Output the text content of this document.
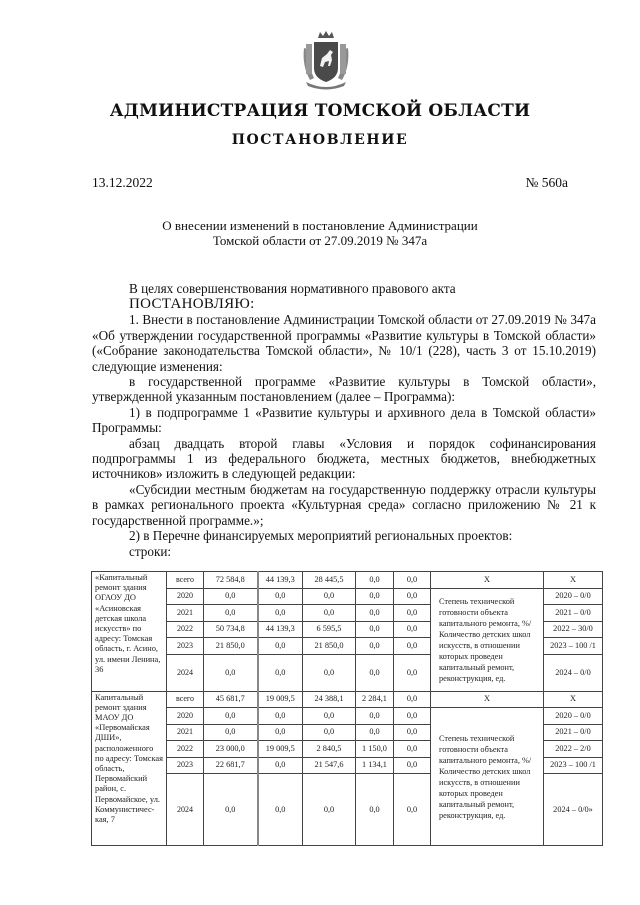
АДМИНИСТРАЦИЯ ТОМСКОЙ ОБЛАСТИ
ПОСТАНОВЛЕНИЕ
13.12.2022	№ 560а
О внесении изменений в постановление Администрации
Томской области от 27.09.2019 № 347а

В целях совершенствования нормативного правового акта

ПОСТАНОВЛЯЮ:

1. Внести в постановление Администрации Томской области от 27.09.2019 № 347а «Об утверждении государственной программы «Развитие культуры в Томской области» («Собрание законодательства Томской области», № 10/1 (228), часть 3 от 15.10.2019) следующие изменения:

в государственной программе «Развитие культуры в Томской области», утвержденной указанным постановлением (далее – Программа):

1) в подпрограмме 1 «Развитие культуры и архивного дела в Томской области» Программы:

абзац двадцать второй главы «Условия и порядок софинансирования подпрограммы 1 из федерального бюджета, местных бюджетов, внебюджетных источников» изложить в следующей редакции:

«Субсидии местным бюджетам на государственную поддержку отрасли культуры в рамках регионального проекта «Культурная среда» согласно приложению № 21 к государственной программе.»;

2) в Перечне финансируемых мероприятий региональных проектов:

строки:

«Капитальный ремонт здания ОГАОУ ДО «Асиновская детская школа искусств» по адресу: Томская область, г. Асино, ул. имени Ленина, 36	всего	72 584,8	44 139,3	28 445,5	0,0	0,0	Х	Х
	2020	0,0	0,0	0,0	0,0	0,0	Степень технической готовности объекта капитального ремонта, %/ Количество детских школ искусств, в отношении которых проведен капитальный ремонт, реконструкция, ед.	2020 – 0/0
	2021	0,0	0,0	0,0	0,0	0,0		2021 – 0/0
	2022	50 734,8	44 139,3	6 595,5	0,0	0,0		2022 – 30/0
	2023	21 850,0	0,0	21 850,0	0,0	0,0		2023 – 100 /1
	2024	0,0	0,0	0,0	0,0	0,0		2024 – 0/0
Капитальный ремонт здания МАОУ ДО «Первомайская ДШИ», расположенного по адресу: Томская область, Первомайский район, с. Первомайское, ул. Коммунистичес-кая, 7	всего	45 681,7	19 009,5	24 388,1	2 284,1	0,0	Х	Х
	2020	0,0	0,0	0,0	0,0	0,0	Степень технической готовности объекта капитального ремонта, %/ Количество детских школ искусств, в отношении которых проведен капитальный ремонт, реконструкция, ед.	2020 – 0/0
	2021	0,0	0,0	0,0	0,0	0,0		2021 – 0/0
	2022	23 000,0	19 009,5	2 840,5	1 150,0	0,0		2022 – 2/0
	2023	22 681,7	0,0	21 547,6	1 134,1	0,0		2023 – 100 /1
	2024	0,0	0,0	0,0	0,0	0,0		2024 – 0/0»
